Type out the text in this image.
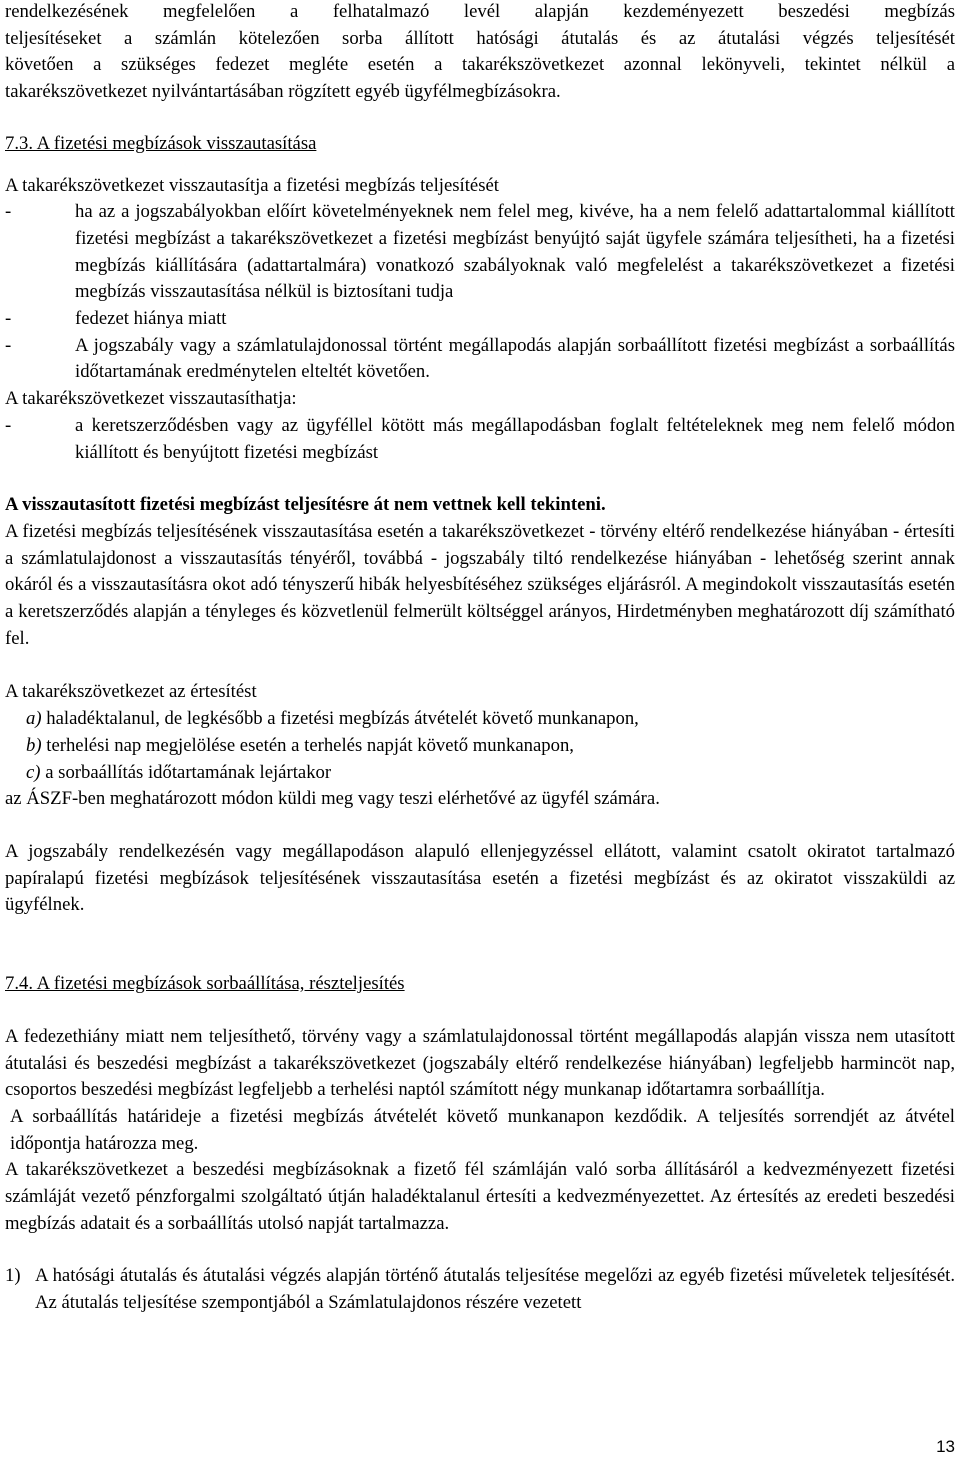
rendelkezésének megfelelően a felhatalmazó levél alapján kezdeményezett beszedési megbízás

teljesítéseket a számlán kötelezően sorba állított hatósági átutalás és az átutalási végzés teljesítését

követően a szükséges fedezet megléte esetén a takarékszövetkezet azonnal lekönyveli, tekintet nélkül a

takarékszövetkezet nyilvántartásában rögzített egyéb ügyfélmegbízásokra.

7.3. A fizetési megbízások visszautasítása

A takarékszövetkezet visszautasítja a fizetési megbízás teljesítését

-	ha az a jogszabályokban előírt követelményeknek nem felel meg, kivéve, ha a nem felelő adattartalommal kiállított fizetési megbízást a takarékszövetkezet a fizetési megbízást benyújtó saját ügyfele számára teljesítheti, ha a fizetési megbízás kiállítására (adattartalmára) vonatkozó szabályoknak való megfelelést a takarékszövetkezet a fizetési megbízás visszautasítása nélkül is biztosítani tudja

-	fedezet hiánya miatt

-	A jogszabály vagy a számlatulajdonossal történt megállapodás alapján sorbaállított fizetési megbízást a sorbaállítás időtartamának eredménytelen elteltét követően.

A takarékszövetkezet visszautasíthatja:

-	a keretszerződésben vagy az ügyféllel kötött más megállapodásban foglalt feltételeknek meg nem felelő módon kiállított és benyújtott fizetési megbízást

A visszautasított fizetési megbízást teljesítésre át nem vettnek kell tekinteni.

A fizetési megbízás teljesítésének visszautasítása esetén a takarékszövetkezet - törvény eltérő rendelkezése hiányában - értesíti a számlatulajdonost a visszautasítás tényéről, továbbá - jogszabály tiltó rendelkezése hiányában - lehetőség szerint annak okáról és a visszautasításra okot adó tényszerű hibák helyesbítéséhez szükséges eljárásról. A megindokolt visszautasítás esetén a keretszerződés alapján a tényleges és közvetlenül felmerült költséggel arányos, Hirdetményben meghatározott díj számítható fel.

A takarékszövetkezet az értesítést

a) haladéktalanul, de legkésőbb a fizetési megbízás átvételét követő munkanapon,

b) terhelési nap megjelölése esetén a terhelés napját követő munkanapon,

c) a sorbaállítás időtartamának lejártakor

az ÁSZF-ben meghatározott módon küldi meg vagy teszi elérhetővé az ügyfél számára.

A jogszabály rendelkezésén vagy megállapodáson alapuló ellenjegyzéssel ellátott, valamint csatolt okiratot tartalmazó papíralapú fizetési megbízások teljesítésének visszautasítása esetén a fizetési megbízást és az okiratot visszaküldi az ügyfélnek.

7.4. A fizetési megbízások sorbaállítása, részteljesítés

A fedezethiány miatt nem teljesíthető, törvény vagy a számlatulajdonossal történt megállapodás alapján vissza nem utasított átutalási és beszedési megbízást a takarékszövetkezet (jogszabály eltérő rendelkezése hiányában) legfeljebb harmincöt nap, csoportos beszedési megbízást legfeljebb a terhelési naptól számított négy munkanap időtartamra sorbaállítja.

A sorbaállítás határideje a fizetési megbízás átvételét követő munkanapon kezdődik. A teljesítés sorrendjét az átvétel időpontja határozza meg.

A takarékszövetkezet a beszedési megbízásoknak a fizető fél számláján való sorba állításáról a kedvezményezett fizetési számláját vezető pénzforgalmi szolgáltató útján haladéktalanul értesíti a kedvezményezettet. Az értesítés az eredeti beszedési megbízás adatait és a sorbaállítás utolsó napját tartalmazza.

1) A hatósági átutalás és átutalási végzés alapján történő átutalás teljesítése megelőzi az egyéb fizetési műveletek teljesítését. Az átutalás teljesítése szempontjából a Számlatulajdonos részére vezetett

13
